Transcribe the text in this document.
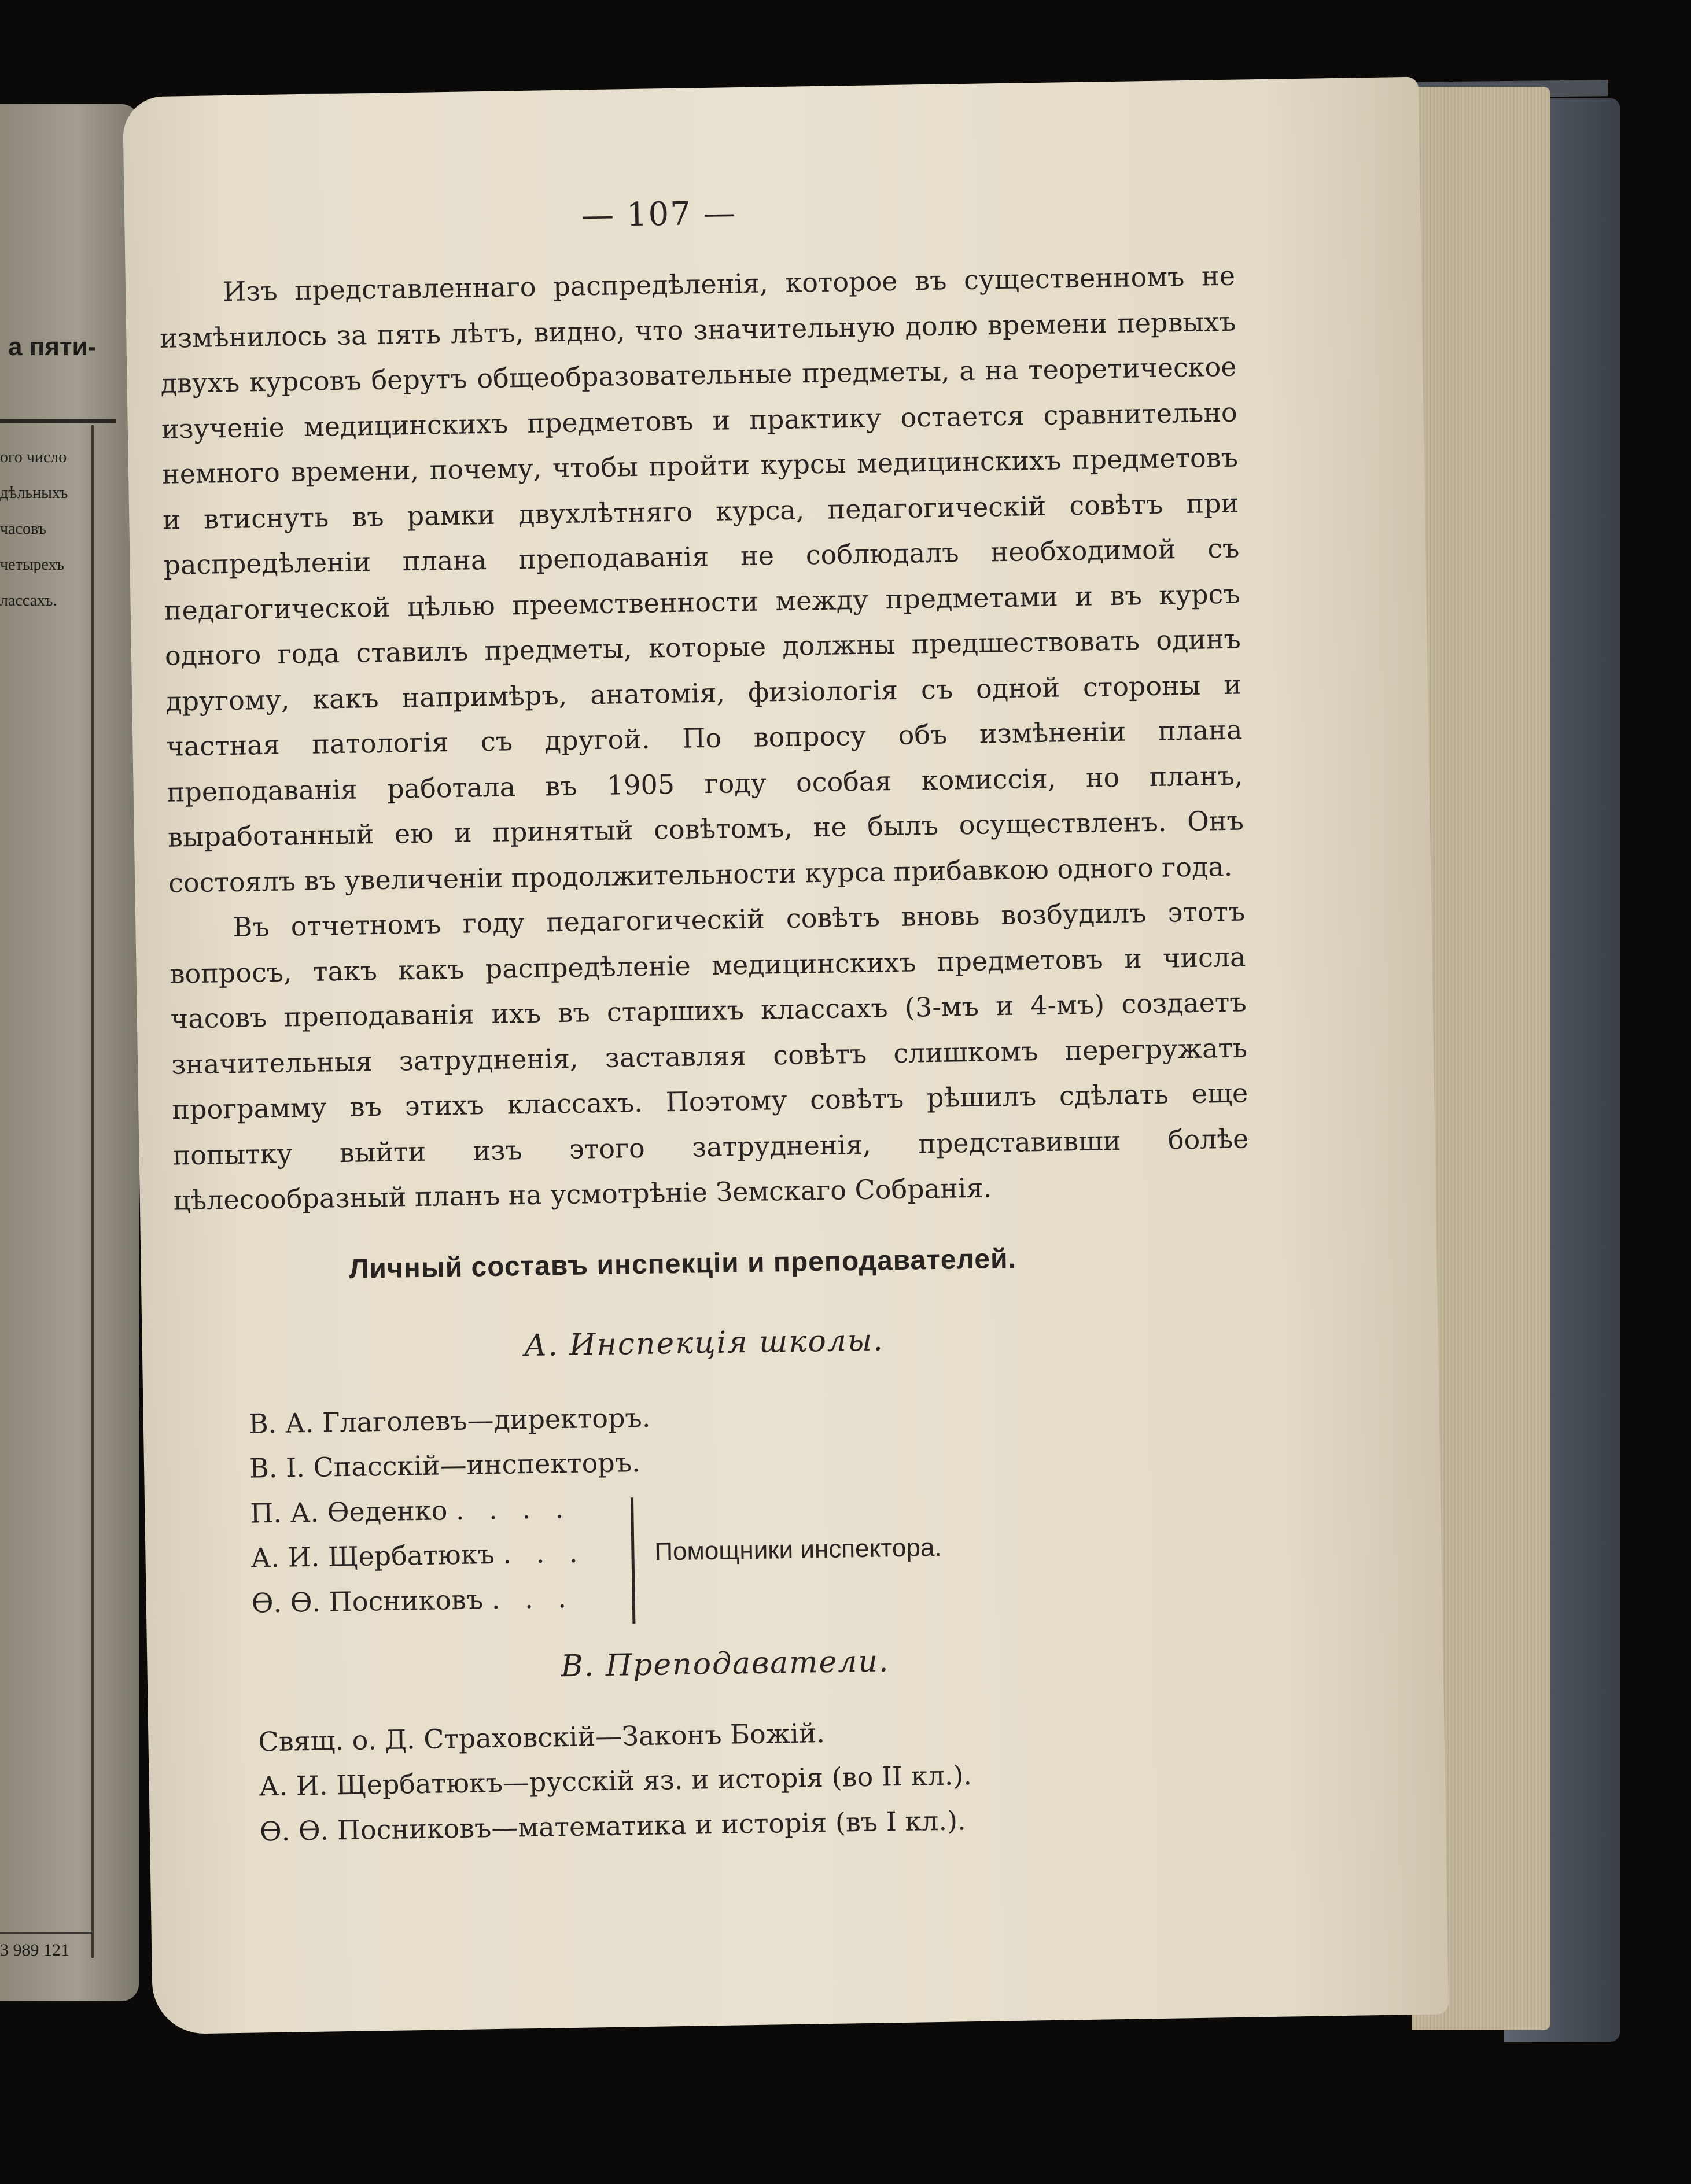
а пяти-
ого число
дѣльныхъ
часовъ
четырехъ
лассахъ.
3 989 121
— 107 —

Изъ представленнаго распредѣленія, которое въ существенномъ не измѣнилось за пять лѣтъ, видно, что значительную долю времени первыхъ двухъ курсовъ берутъ общеобразовательные предметы, а на теоретическое изученіе медицинскихъ предметовъ и практику остается сравнительно немного времени, почему, чтобы пройти курсы медицинскихъ предметовъ и втиснуть въ рамки двухлѣтняго курса, педагогическій совѣтъ при распредѣленіи плана преподаванія не соблюдалъ необходимой съ педагогической цѣлью преемственности между предметами и въ курсъ одного года ставилъ предметы, которые должны предшествовать одинъ другому, какъ напримѣръ, анатомія, физіологія съ одной стороны и частная патологія съ другой. По вопросу объ измѣненіи плана преподаванія работала въ 1905 году особая комиссія, но планъ, выработанный ею и принятый совѣтомъ, не былъ осуществленъ. Онъ состоялъ въ увеличеніи продолжительности курса прибавкою одного года.

Въ отчетномъ году педагогическій совѣтъ вновь возбудилъ этотъ вопросъ, такъ какъ распредѣленіе медицинскихъ предметовъ и числа часовъ преподаванія ихъ въ старшихъ классахъ (3-мъ и 4-мъ) создаетъ значительныя затрудненія, заставляя совѣтъ слишкомъ перегружать программу въ этихъ классахъ. Поэтому совѣтъ рѣшилъ сдѣлать еще попытку выйти изъ этого затрудненія, представивши болѣе цѣлесообразный планъ на усмотрѣніе Земскаго Собранія.

Личный составъ инспекціи и преподавателей.
А. Инспекція школы.
В. А. Глаголевъ—директоръ.
В. І. Спасскій—инспекторъ.
П. А. Ѳеденко . . . .
А. И. Щербатюкъ . . .
Ѳ. Ѳ. Посниковъ . . .
Помощники инспектора.
В. Преподаватели.
Свящ. о. Д. Страховскій—Законъ Божій.
А. И. Щербатюкъ—русскій яз. и исторія (во II кл.).
Ѳ. Ѳ. Посниковъ—математика и исторія (въ I кл.).
